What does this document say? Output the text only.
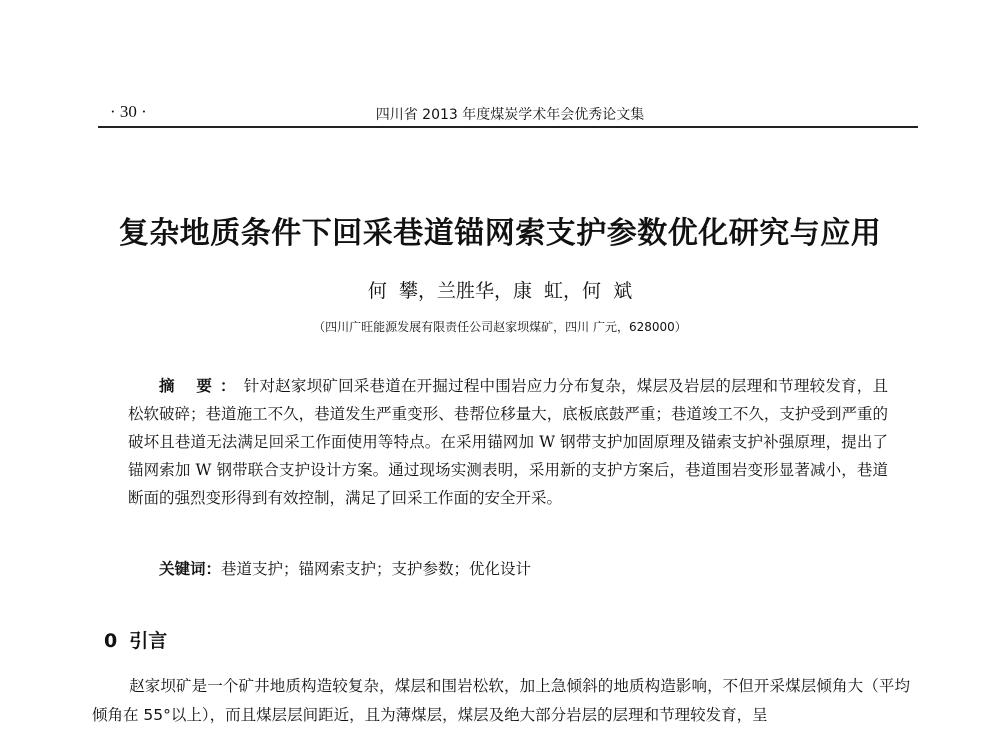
· 30 ·	四川省 2013 年度煤炭学术年会优秀论文集
复杂地质条件下回采巷道锚网索支护参数优化研究与应用
何  攀，兰胜华，康  虹，何  斌
（四川广旺能源发展有限责任公司赵家坝煤矿，四川 广元，628000）
摘 要：针对赵家坝矿回采巷道在开掘过程中围岩应力分布复杂，煤层及岩层的层理和节理较发育，且松软破碎；巷道施工不久，巷道发生严重变形、巷帮位移量大，底板底鼓严重；巷道竣工不久，支护受到严重的破坏且巷道无法满足回采工作面使用等特点。在采用锚网加 W 钢带支护加固原理及锚索支护补强原理，提出了锚网索加 W 钢带联合支护设计方案。通过现场实测表明，采用新的支护方案后，巷道围岩变形显著减小，巷道断面的强烈变形得到有效控制，满足了回采工作面的安全开采。
关键词：巷道支护；锚网索支护；支护参数；优化设计
0 引言
赵家坝矿是一个矿井地质构造较复杂，煤层和围岩松软，加上急倾斜的地质构造影响，不但开采煤层倾角大（平均倾角在 55°以上），而且煤层层间距近，且为薄煤层，煤层及绝大部分岩层的层理和节理较发育，呈
